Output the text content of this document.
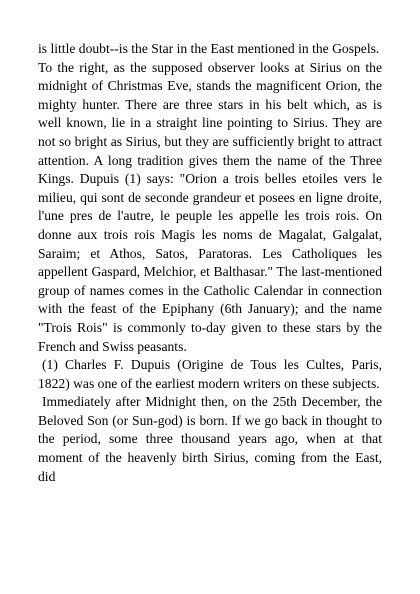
is little doubt--is the Star in the East mentioned in the Gospels.

To the right, as the supposed observer looks at Sirius on the midnight of Christmas Eve, stands the magnificent Orion, the mighty hunter. There are three stars in his belt which, as is well known, lie in a straight line pointing to Sirius. They are not so bright as Sirius, but they are sufficiently bright to attract attention. A long tradition gives them the name of the Three Kings. Dupuis (1) says: "Orion a trois belles etoiles vers le milieu, qui sont de seconde grandeur et posees en ligne droite, l'une pres de l'autre, le peuple les appelle les trois rois. On donne aux trois rois Magis les noms de Magalat, Galgalat, Saraim; et Athos, Satos, Paratoras. Les Catholiques les appellent Gaspard, Melchior, et Balthasar." The last-mentioned group of names comes in the Catholic Calendar in connection with the feast of the Epiphany (6th January); and the name "Trois Rois" is commonly to-day given to these stars by the French and Swiss peasants.

(1) Charles F. Dupuis (Origine de Tous les Cultes, Paris, 1822) was one of the earliest modern writers on these subjects.

Immediately after Midnight then, on the 25th December, the Beloved Son (or Sun-god) is born. If we go back in thought to the period, some three thousand years ago, when at that moment of the heavenly birth Sirius, coming from the East, did
